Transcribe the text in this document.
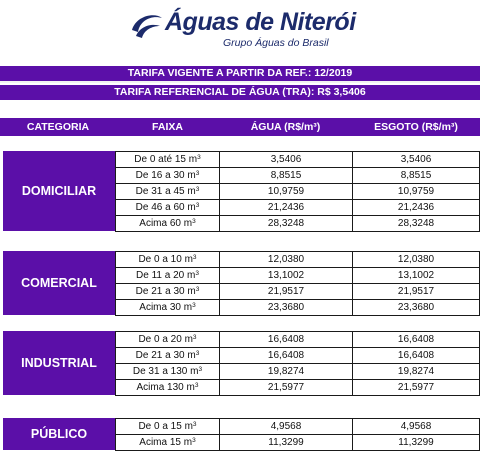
Águas de Niterói
Grupo Águas do Brasil
TARIFA VIGENTE A PARTIR DA REF.: 12/2019
TARIFA REFERENCIAL DE ÁGUA (TRA): R$ 3,5406
CATEGORIA	FAIXA	ÁGUA (R$/m³)	ESGOTO (R$/m³)
DOMICILIAR
De 0 até 15 $m^3$	3,5406	3,5406
De 16 a 30 $m^3$	8,8515	8,8515
De 31 a 45 $m^3$	10,9759	10,9759
De 46 a 60 $m^3$	21,2436	21,2436
Acima 60 $m^3$	28,3248	28,3248
COMERCIAL
De 0 a 10 $m^3$	12,0380	12,0380
De 11 a 20 $m^3$	13,1002	13,1002
De 21 a 30 $m^3$	21,9517	21,9517
Acima 30 $m^3$	23,3680	23,3680
INDUSTRIAL
De 0 a 20 $m^3$	16,6408	16,6408
De 21 a 30 $m^3$	16,6408	16,6408
De 31 a 130 $m^3$	19,8274	19,8274
Acima 130 $m^3$	21,5977	21,5977
PÚBLICO
De 0 a 15 $m^3$	4,9568	4,9568
Acima 15 $m^3$	11,3299	11,3299
